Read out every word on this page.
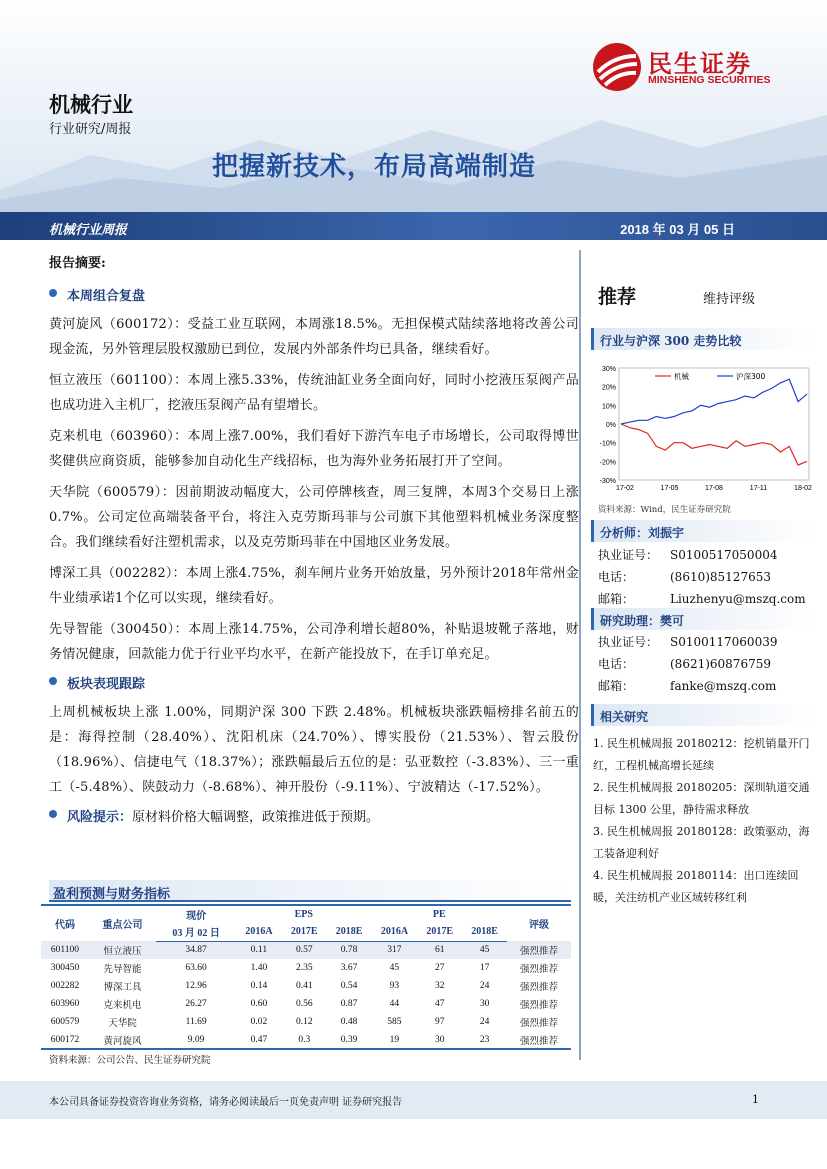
机械行业
行业研究/周报
把握新技术，布局高端制造
民生证券
MINSHENG SECURITIES
机械行业周报	2018 年 03 月 05 日
报告摘要:
本周组合复盘
黄河旋风（600172）：受益工业互联网，本周涨18.5%。无担保模式陆续落地将改善公司现金流，另外管理层股权激励已到位，发展内外部条件均已具备，继续看好。
恒立液压（601100）：本周上涨5.33%，传统油缸业务全面向好，同时小挖液压泵阀产品也成功进入主机厂，挖液压泵阀产品有望增长。
克来机电（603960）：本周上涨7.00%，我们看好下游汽车电子市场增长，公司取得博世奖健供应商资质，能够参加自动化生产线招标，也为海外业务拓展打开了空间。
天华院（600579）：因前期波动幅度大，公司停牌核查，周三复牌，本周3个交易日上涨0.7%。公司定位高端装备平台，将注入克劳斯玛菲与公司旗下其他塑料机械业务深度整合。我们继续看好注塑机需求，以及克劳斯玛菲在中国地区业务发展。
博深工具（002282）：本周上涨4.75%，刹车闸片业务开始放量，另外预计2018年常州金牛业绩承诺1个亿可以实现，继续看好。
先导智能（300450）：本周上涨14.75%，公司净利增长超80%，补贴退坡靴子落地，财务情况健康，回款能力优于行业平均水平，在新产能投放下，在手订单充足。
板块表现跟踪
上周机械板块上涨 1.00%，同期沪深 300 下跌 2.48%。机械板块涨跌幅榜排名前五的是：海得控制（28.40%）、沈阳机床（24.70%）、博实股份（21.53%）、智云股份（18.96%）、信捷电气（18.37%）；涨跌幅最后五位的是：弘亚数控（-3.83%）、三一重工（-5.48%）、陕鼓动力（-8.68%）、神开股份（-9.11%）、宁波精达（-17.52%）。
风险提示：原材料价格大幅调整，政策推进低于预期。
推荐	维持评级
行业与沪深 300 走势比较
30%
20%
10%
0%
-10%
-20%
-30%
17-02	17-05	17-08	17-11	18-02
机械	沪深300
资料来源：Wind，民生证券研究院
分析师：刘振宇
执业证号： S0100517050004
电话：	(8610)85127653
邮箱：	Liuzhenyu@mszq.com
研究助理：樊可
执业证号： S0100117060039
电话：	(8621)60876759
邮箱：	fanke@mszq.com
相关研究
1. 民生机械周报 20180212：挖机销量开门红，工程机械高增长延续
2. 民生机械周报 20180205：深圳轨道交通目标 1300 公里，静待需求释放
3. 民生机械周报 20180128：政策驱动，海工装备迎利好
4. 民生机械周报 20180114：出口连续回暖，关注纺机产业区域转移红利
盈利预测与财务指标
代码	重点公司	现价	EPS			PE			评级
		03 月 02 日	2016A	2017E	2018E	2016A	2017E	2018E	
601100	恒立液压	34.87	0.11	0.57	0.78	317	61	45	强烈推荐
300450	先导智能	63.60	1.40	2.35	3.67	45	27	17	强烈推荐
002282	博深工具	12.96	0.14	0.41	0.54	93	32	24	强烈推荐
603960	克来机电	26.27	0.60	0.56	0.87	44	47	30	强烈推荐
600579	天华院	11.69	0.02	0.12	0.48	585	97	24	强烈推荐
600172	黄河旋风	9.09	0.47	0.3	0.39	19	30	23	强烈推荐
资料来源：公司公告、民生证券研究院
本公司具备证券投资咨询业务资格，请务必阅读最后一页免责声明 证券研究报告	1
